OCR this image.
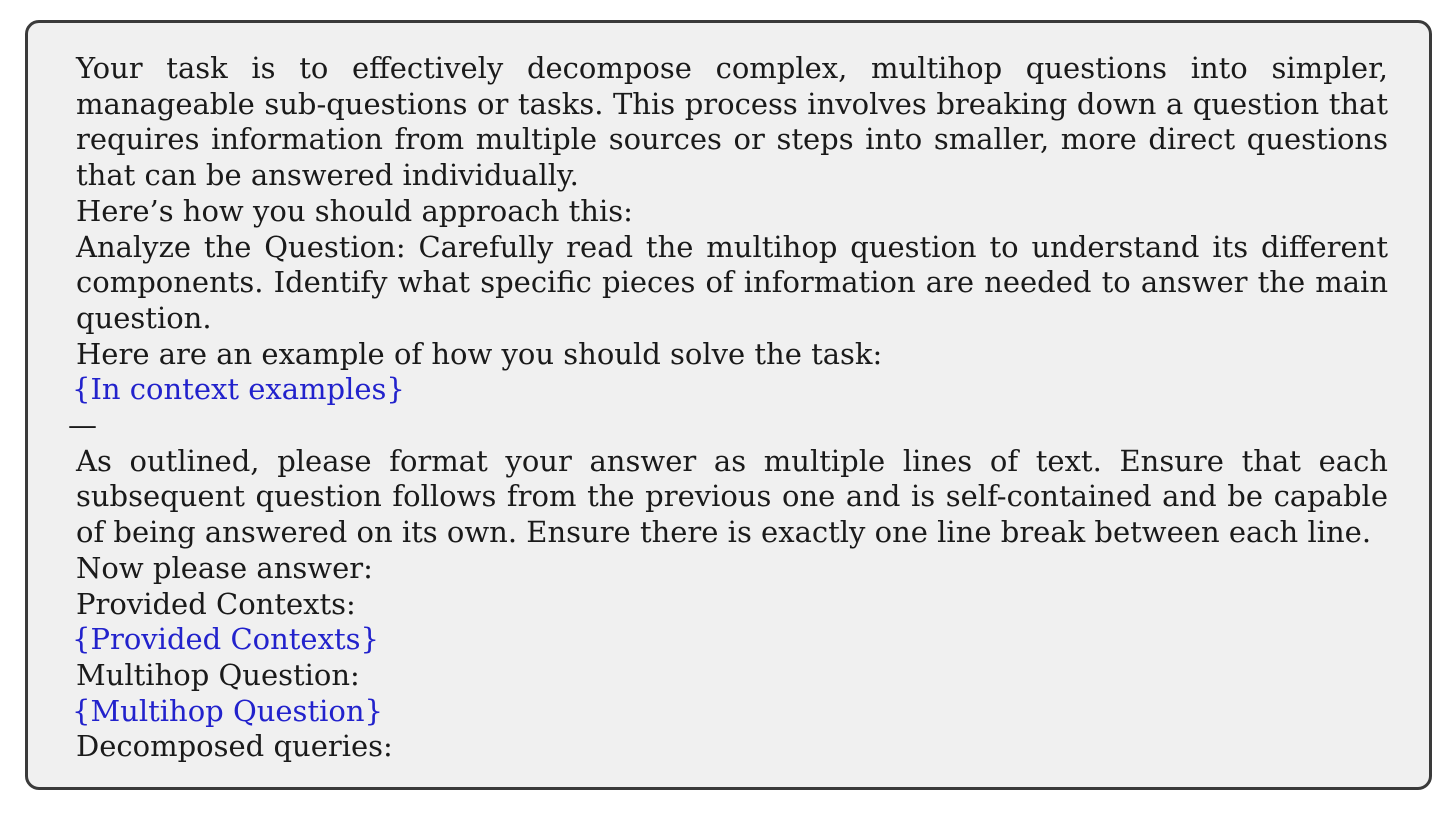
Your task is to effectively decompose complex, multihop questions into simpler, manageable sub-questions or tasks. This process involves breaking down a question that requires information from multiple sources or steps into smaller, more direct questions that can be answered individually.

Here’s how you should approach this:

Analyze the Question: Carefully read the multihop question to understand its different components. Identify what specific pieces of information are needed to answer the main question.

Here are an example of how you should solve the task:

{In context examples}

—

As outlined, please format your answer as multiple lines of text. Ensure that each subsequent question follows from the previous one and is self-contained and be capable of being answered on its own. Ensure there is exactly one line break between each line.

Now please answer:

Provided Contexts:

{Provided Contexts}

Multihop Question:

{Multihop Question}

Decomposed queries:
